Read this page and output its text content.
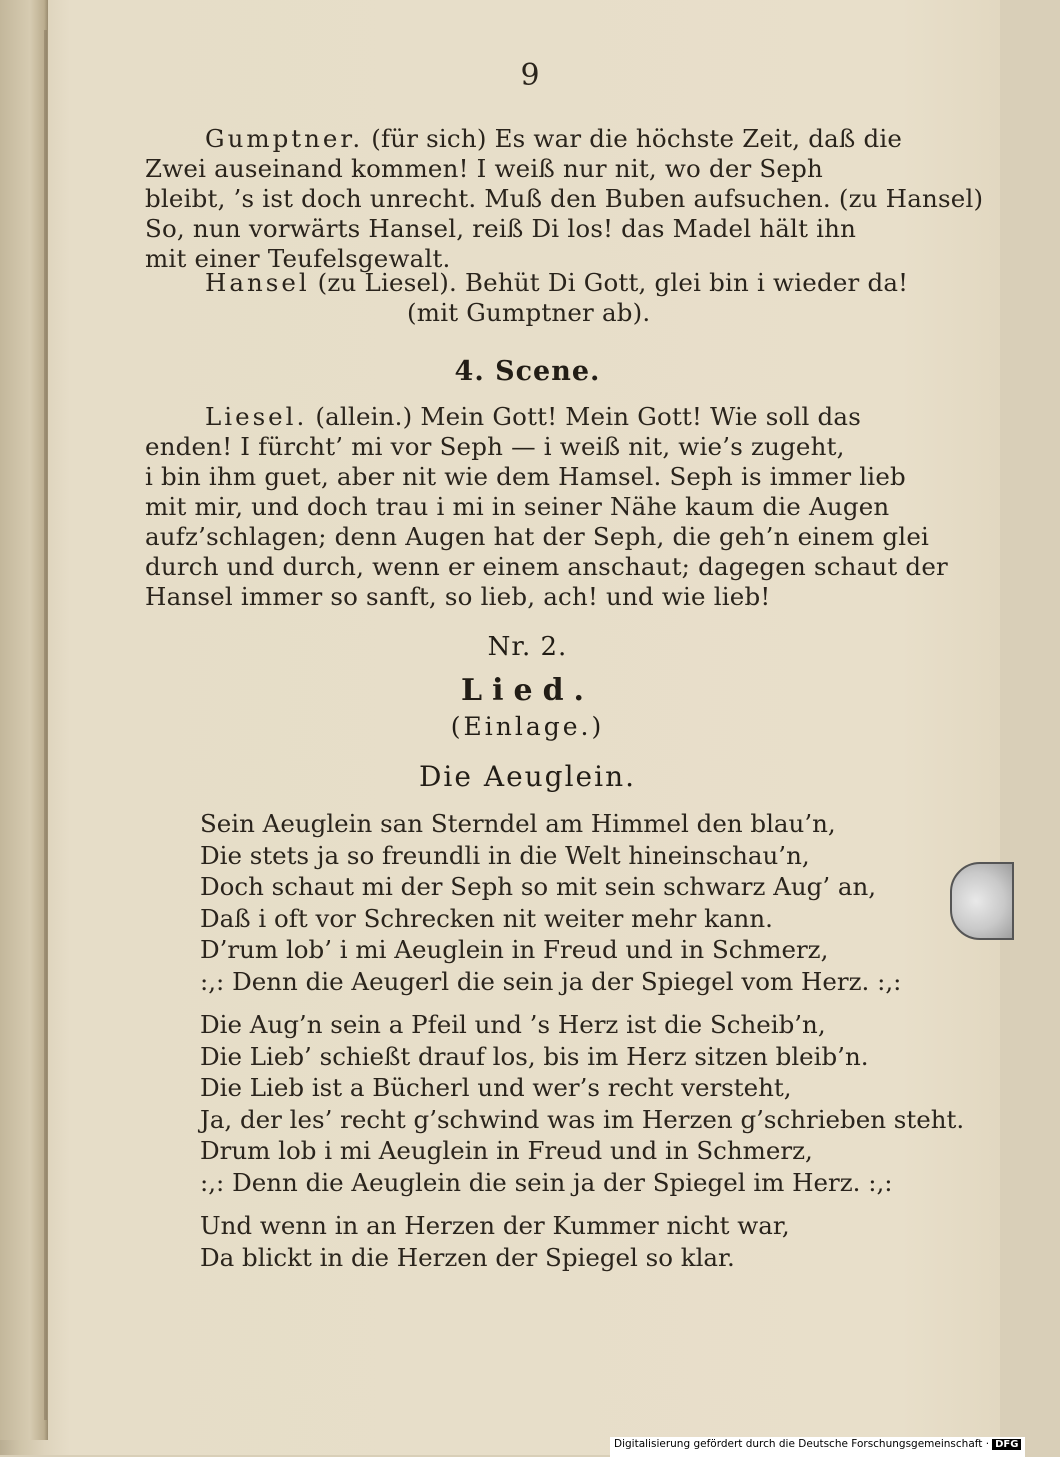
9
Gumptner. (für sich) Es war die höchste Zeit, daß die
Zwei auseinand kommen! I weiß nur nit, wo der Seph
bleibt, ’s ist doch unrecht. Muß den Buben aufsuchen. (zu Hansel)
So, nun vorwärts Hansel, reiß Di los! das Madel hält ihn
mit einer Teufelsgewalt.
Hansel (zu Liesel). Behüt Di Gott, glei bin i wieder da!
(mit Gumptner ab).
4. Scene.
Liesel. (allein.) Mein Gott! Mein Gott! Wie soll das
enden! I fürcht’ mi vor Seph — i weiß nit, wie’s zugeht,
i bin ihm guet, aber nit wie dem Hamsel. Seph is immer lieb
mit mir, und doch trau i mi in seiner Nähe kaum die Augen
aufz’schlagen; denn Augen hat der Seph, die geh’n einem glei
durch und durch, wenn er einem anschaut; dagegen schaut der
Hansel immer so sanft, so lieb, ach! und wie lieb!
Nr. 2.
Lied.
(Einlage.)
Die Aeuglein.
Sein Aeuglein san Sterndel am Himmel den blau’n,
Die stets ja so freundli in die Welt hineinschau’n,
Doch schaut mi der Seph so mit sein schwarz Aug’ an,
Daß i oft vor Schrecken nit weiter mehr kann.
D’rum lob’ i mi Aeuglein in Freud und in Schmerz,
:,: Denn die Aeugerl die sein ja der Spiegel vom Herz. :,:
Die Aug’n sein a Pfeil und ’s Herz ist die Scheib’n,
Die Lieb’ schießt drauf los, bis im Herz sitzen bleib’n.
Die Lieb ist a Bücherl und wer’s recht versteht,
Ja, der les’ recht g’schwind was im Herzen g’schrieben steht.
Drum lob i mi Aeuglein in Freud und in Schmerz,
:,: Denn die Aeuglein die sein ja der Spiegel im Herz. :,:
Und wenn in an Herzen der Kummer nicht war,
Da blickt in die Herzen der Spiegel so klar.
Digitalisierung gefördert durch die Deutsche Forschungsgemeinschaft · DFG
